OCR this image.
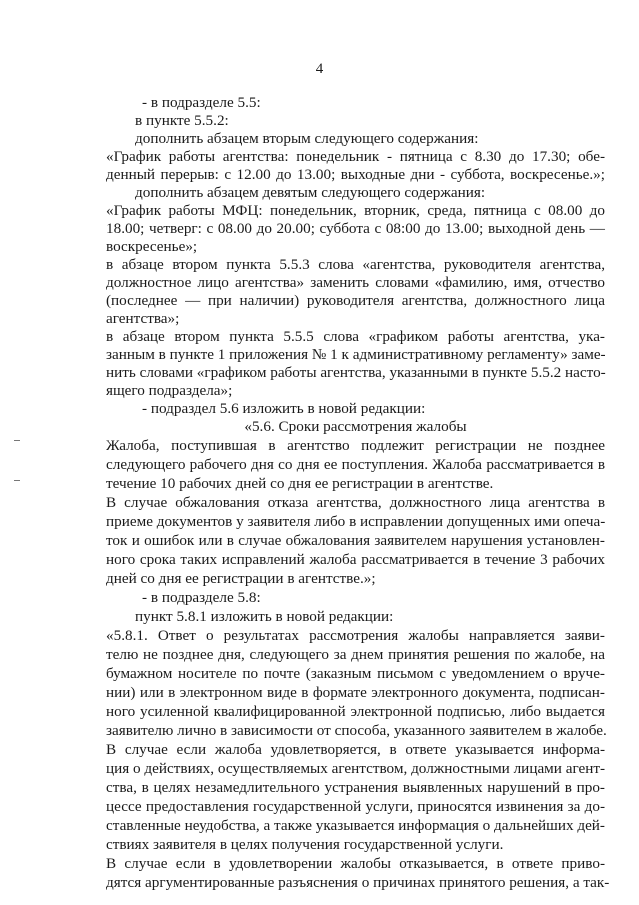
4
- в подразделе 5.5:
в пункте 5.5.2:
дополнить абзацем вторым следующего содержания:
«График работы агентства: понедельник - пятница с 8.30 до 17.30; обе-
денный перерыв: с 12.00 до 13.00; выходные дни - суббота, воскресенье.»;
дополнить абзацем девятым следующего содержания:
«График работы МФЦ: понедельник, вторник, среда, пятница с 08.00 до
18.00; четверг: с 08.00 до 20.00; суббота с 08:00 до 13.00; выходной день —
воскресенье»;
в абзаце втором пункта 5.5.3 слова «агентства, руководителя агентства,
должностное лицо агентства» заменить словами «фамилию, имя, отчество
(последнее — при наличии) руководителя агентства, должностного лица
агентства»;
в абзаце втором пункта 5.5.5 слова «графиком работы агентства, ука-
занным в пункте 1 приложения № 1 к административному регламенту» заме-
нить словами «графиком работы агентства, указанными в пункте 5.5.2 насто-
ящего подраздела»;
- подраздел 5.6 изложить в новой редакции:
«5.6. Сроки рассмотрения жалобы
Жалоба, поступившая в агентство подлежит регистрации не позднее
следующего рабочего дня со дня ее поступления. Жалоба рассматривается в
течение 10 рабочих дней со дня ее регистрации в агентстве.
В случае обжалования отказа агентства, должностного лица агентства в
приеме документов у заявителя либо в исправлении допущенных ими опеча-
ток и ошибок или в случае обжалования заявителем нарушения установлен-
ного срока таких исправлений жалоба рассматривается в течение 3 рабочих
дней со дня ее регистрации в агентстве.»;
- в подразделе 5.8:
пункт 5.8.1 изложить в новой редакции:
«5.8.1. Ответ о результатах рассмотрения жалобы направляется заяви-
телю не позднее дня, следующего за днем принятия решения по жалобе, на
бумажном носителе по почте (заказным письмом с уведомлением о вруче-
нии) или в электронном виде в формате электронного документа, подписан-
ного усиленной квалифицированной электронной подписью, либо выдается
заявителю лично в зависимости от способа, указанного заявителем в жалобе.
В случае если жалоба удовлетворяется, в ответе указывается информа-
ция о действиях, осуществляемых агентством, должностными лицами агент-
ства, в целях незамедлительного устранения выявленных нарушений в про-
цессе предоставления государственной услуги, приносятся извинения за до-
ставленные неудобства, а также указывается информация о дальнейших дей-
ствиях заявителя в целях получения государственной услуги.
В случае если в удовлетворении жалобы отказывается, в ответе приво-
дятся аргументированные разъяснения о причинах принятого решения, а так-
